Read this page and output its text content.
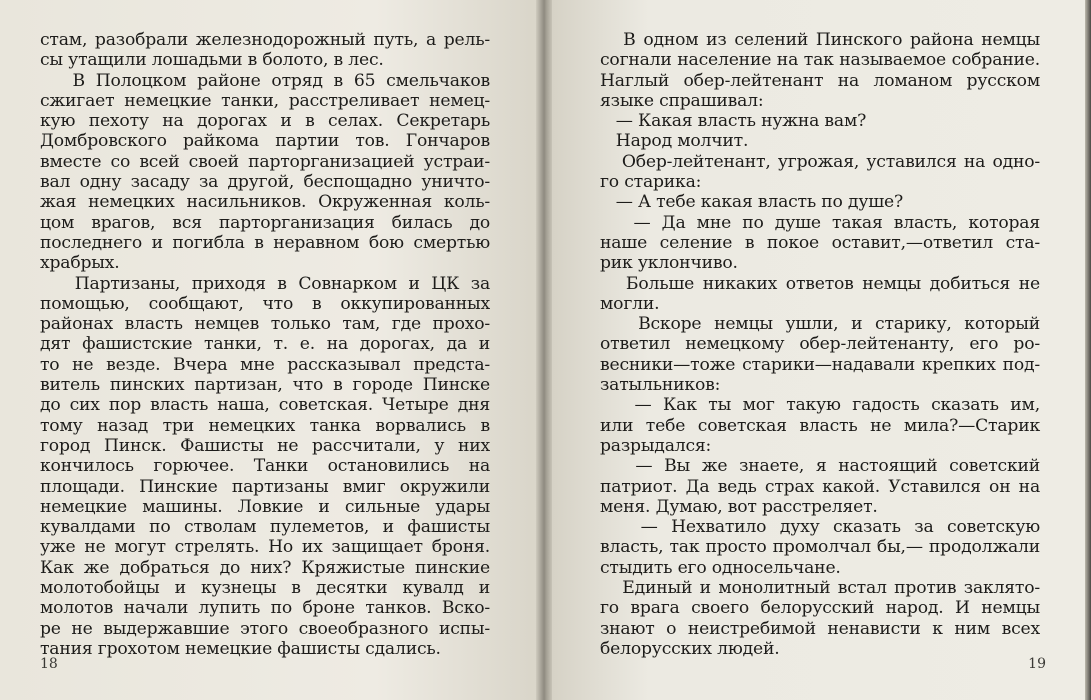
стам, разобрали железнодорожный путь, а рель-
сы утащили лошадьми в болото, в лес.
В Полоцком районе отряд в 65 смельчаков
сжигает немецкие танки, расстреливает немец-
кую пехоту на дорогах и в селах. Секретарь
Домбровского райкома партии тов. Гончаров
вместе со всей своей парторганизацией устраи-
вал одну засаду за другой, беспощадно уничто-
жая немецких насильников. Окруженная коль-
цом врагов, вся парторганизация билась до
последнего и погибла в неравном бою смертью
храбрых.
Партизаны, приходя в Совнарком и ЦК за
помощью, сообщают, что в оккупированных
районах власть немцев только там, где прохо-
дят фашистские танки, т. е. на дорогах, да и
то не везде. Вчера мне рассказывал предста-
витель пинских партизан, что в городе Пинске
до сих пор власть наша, советская. Четыре дня
тому назад три немецких танка ворвались в
город Пинск. Фашисты не рассчитали, у них
кончилось горючее. Танки остановились на
площади. Пинские партизаны вмиг окружили
немецкие машины. Ловкие и сильные удары
кувалдами по стволам пулеметов, и фашисты
уже не могут стрелять. Но их защищает броня.
Как же добраться до них? Кряжистые пинские
молотобойцы и кузнецы в десятки кувалд и
молотов начали лупить по броне танков. Вско-
ре не выдержавшие этого своеобразного испы-
тания грохотом немецкие фашисты сдались.
18
В одном из селений Пинского района немцы
согнали население на так называемое собрание.
Наглый обер-лейтенант на ломаном русском
языке спрашивал:
— Какая власть нужна вам?
Народ молчит.
Обер-лейтенант, угрожая, уставился на одно-
го старика:
— А тебе какая власть по душе?
— Да мне по душе такая власть, которая
наше селение в покое оставит,—ответил ста-
рик уклончиво.
Больше никаких ответов немцы добиться не
могли.
Вскоре немцы ушли, и старику, который
ответил немецкому обер-лейтенанту, его ро-
весники—тоже старики—надавали крепких под-
затыльников:
— Как ты мог такую гадость сказать им,
или тебе советская власть не мила?—Старик
разрыдался:
— Вы же знаете, я настоящий советский
патриот. Да ведь страх какой. Уставился он на
меня. Думаю, вот расстреляет.
— Нехватило духу сказать за советскую
власть, так просто промолчал бы,— продолжали
стыдить его односельчане.
Единый и монолитный встал против заклято-
го врага своего белорусский народ. И немцы
знают о неистребимой ненависти к ним всех
белорусских людей.
19
